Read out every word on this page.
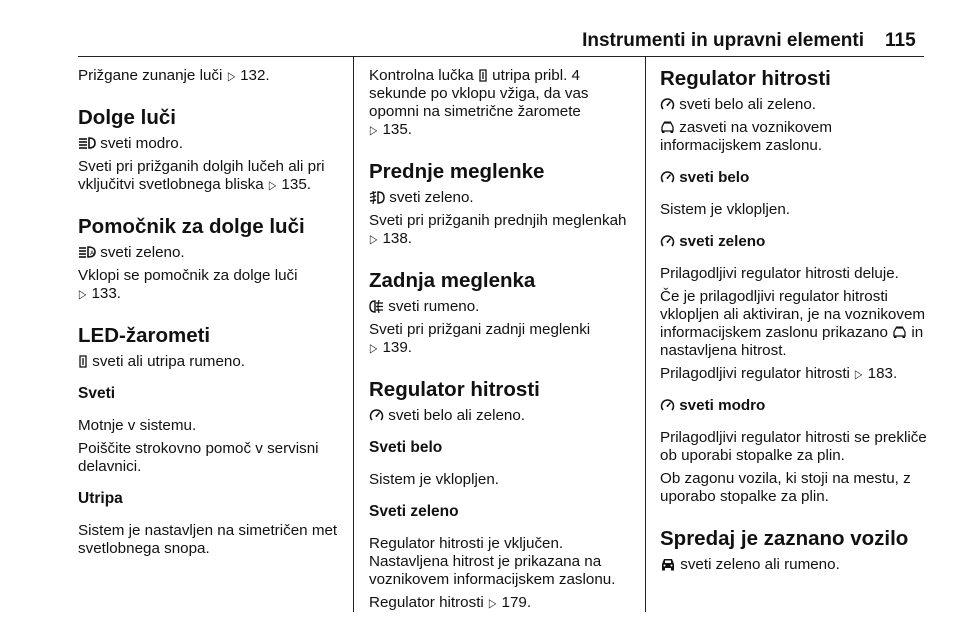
Instrumenti in upravni elementi 115

Prižgane zunanje luči ▷ 132.

Dolge luči

sveti modro.

Sveti pri prižganih dolgih lučeh ali pri vključitvi svetlobnega bliska ▷ 135.

Pomočnik za dolge luči

A sveti zeleno.

Vklopi se pomočnik za dolge luči
▷ 133.

LED-žarometi

sveti ali utripa rumeno.

Sveti

Motnje v sistemu.

Poiščite strokovno pomoč v servisni delavnici.

Utripa

Sistem je nastavljen na simetričen met svetlobnega snopa.

Kontrolna lučka utripa pribl. 4 sekunde po vklopu vžiga, da vas opomni na simetrične žaromete
▷ 135.

Prednje meglenke

sveti zeleno.

Sveti pri prižganih prednjih meglenkah ▷ 138.

Zadnja meglenka

sveti rumeno.

Sveti pri prižgani zadnji meglenki
▷ 139.

Regulator hitrosti

sveti belo ali zeleno.

Sveti belo

Sistem je vklopljen.

Sveti zeleno

Regulator hitrosti je vključen.

Nastavljena hitrost je prikazana na voznikovem informacijskem zaslonu.

Regulator hitrosti ▷ 179.

Regulator hitrosti

sveti belo ali zeleno.

zasveti na voznikovem informacijskem zaslonu.

sveti belo

Sistem je vklopljen.

sveti zeleno

Prilagodljivi regulator hitrosti deluje.

Če je prilagodljivi regulator hitrosti vklopljen ali aktiviran, je na voznikovem informacijskem zaslonu prikazano in nastavljena hitrost.

Prilagodljivi regulator hitrosti ▷ 183.

sveti modro

Prilagodljivi regulator hitrosti se prekliče ob uporabi stopalke za plin.

Ob zagonu vozila, ki stoji na mestu, z uporabo stopalke za plin.

Spredaj je zaznano vozilo

sveti zeleno ali rumeno.
